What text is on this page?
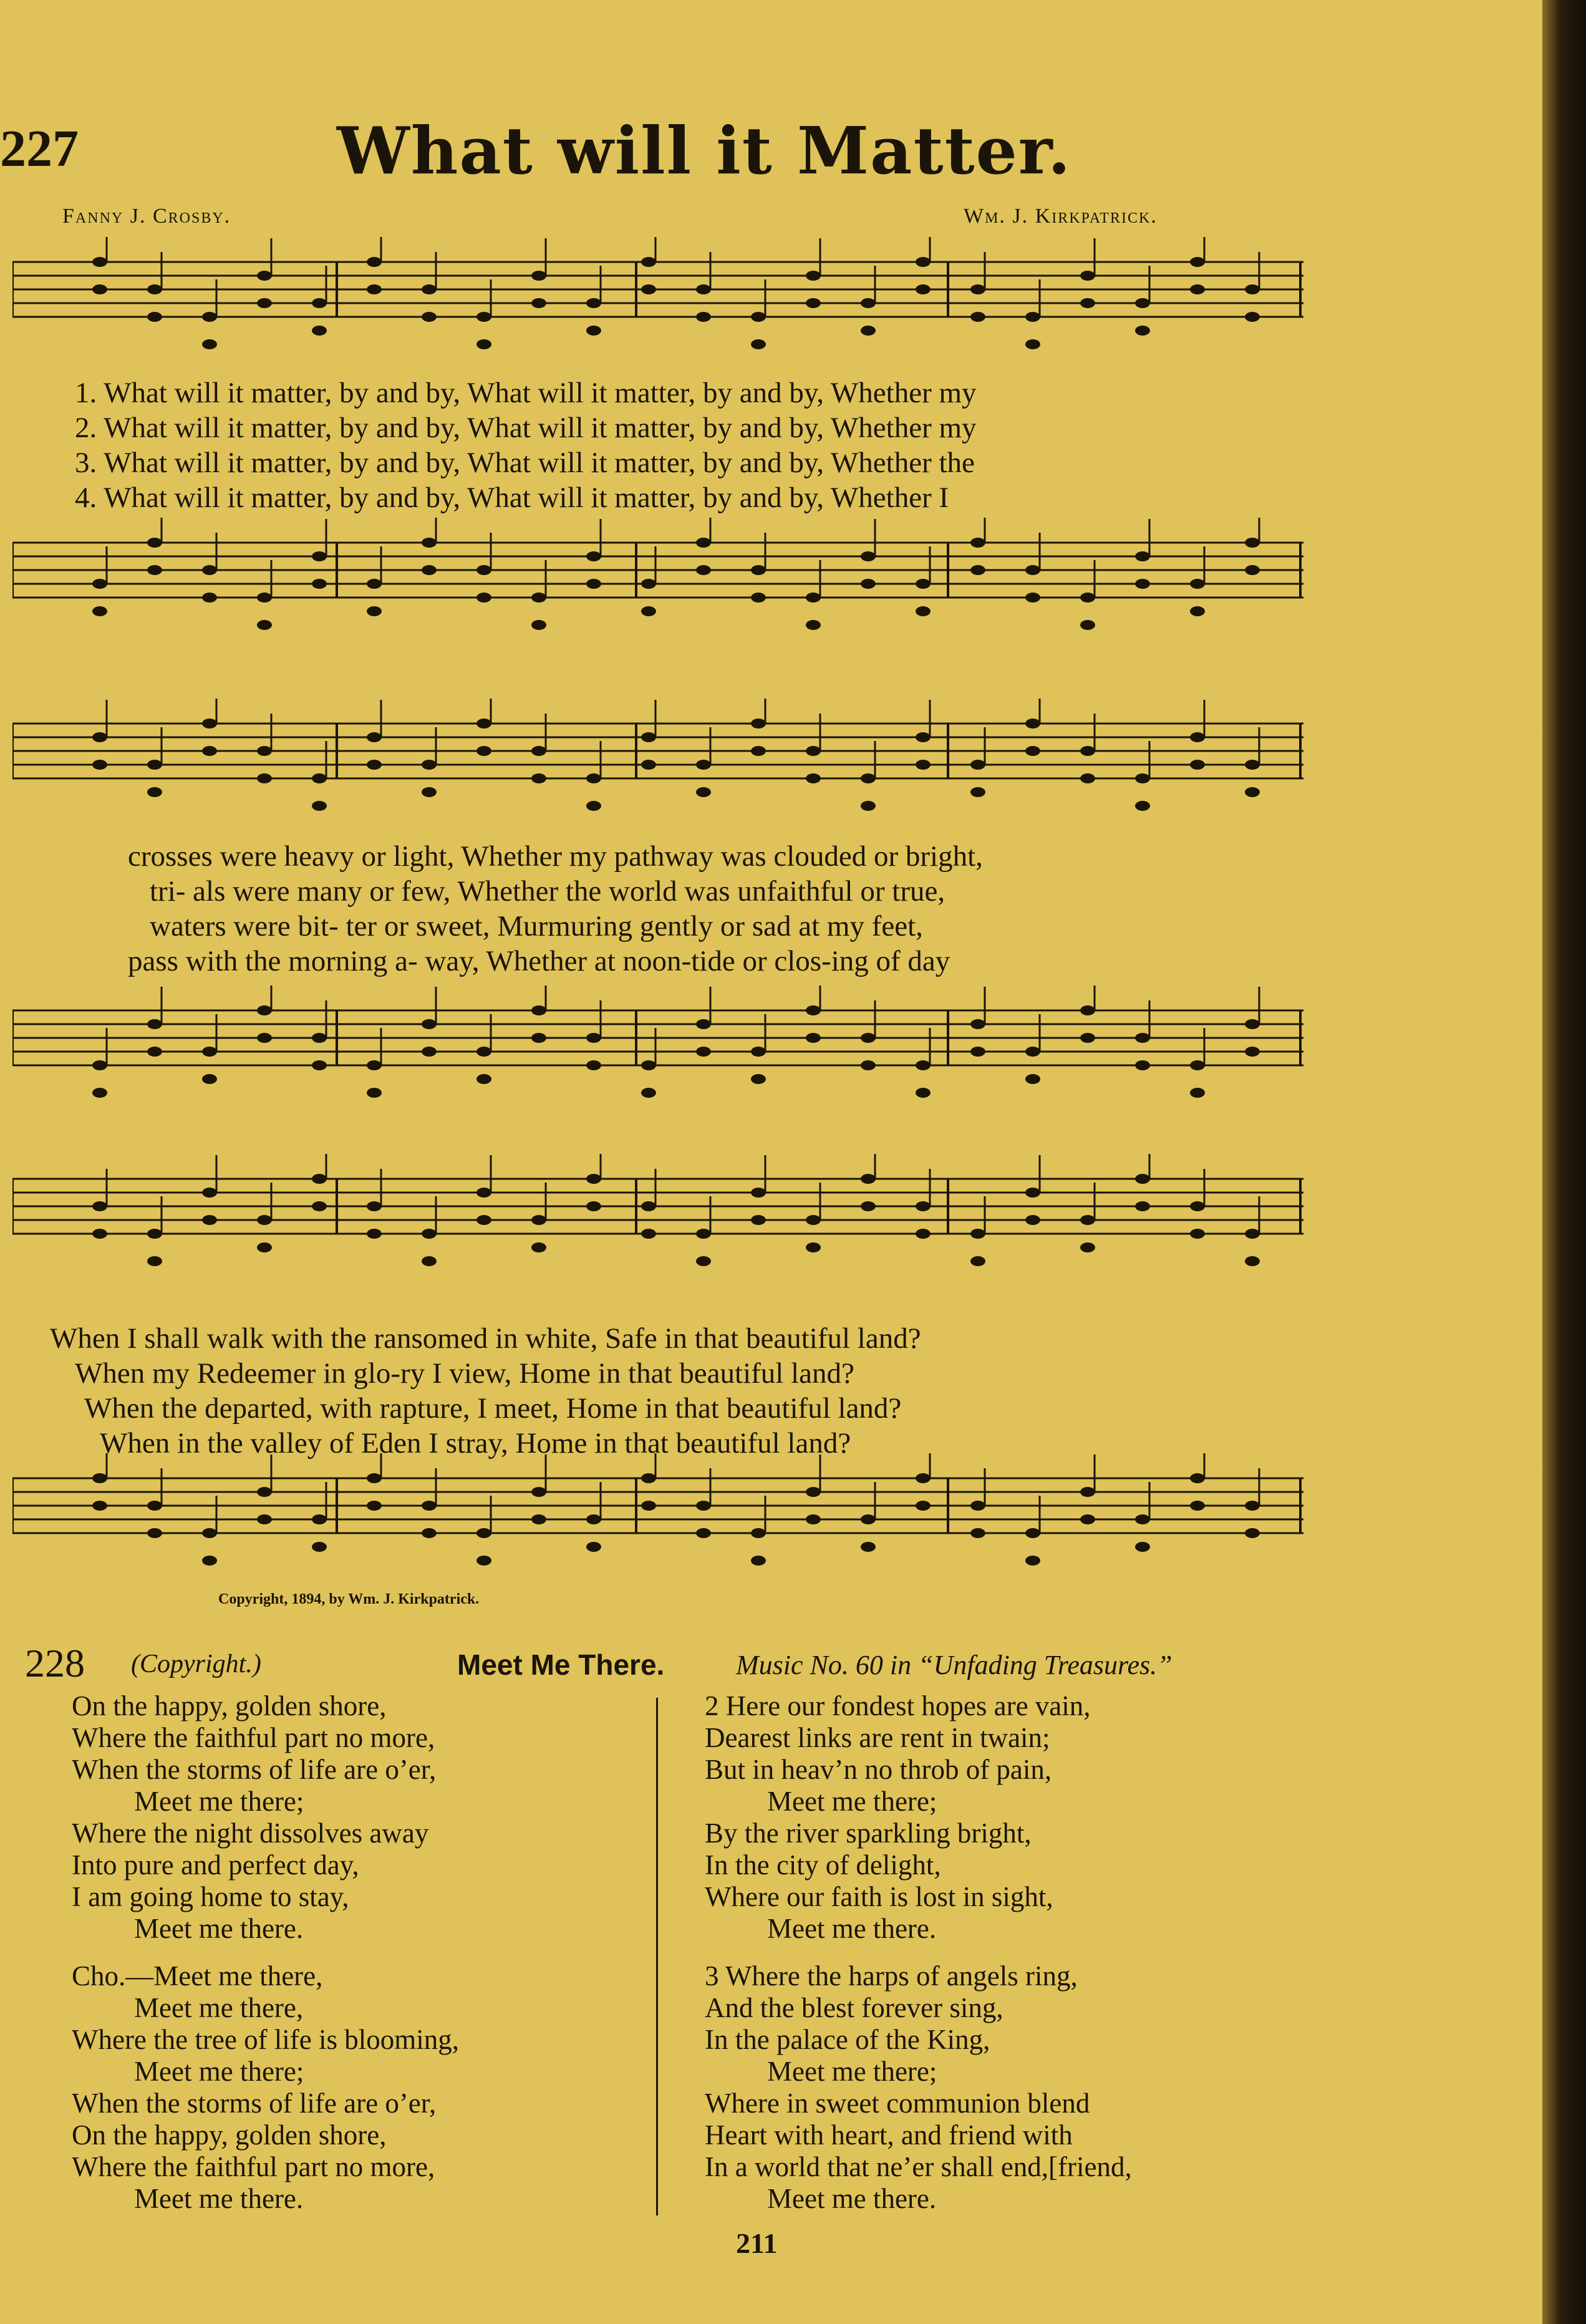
227	What will it Matter.
Fanny J. Crosby.	Wm. J. Kirkpatrick.
1. What will it matter, by and by, What will it matter, by and by, Whether my
2. What will it matter, by and by, What will it matter, by and by, Whether my
3. What will it matter, by and by, What will it matter, by and by, Whether the
4. What will it matter, by and by, What will it matter, by and by, Whether I
crosses were heavy or light, Whether my pathway was clouded or bright,
tri- als were many or few, Whether the world was unfaithful or true,
waters were bit- ter or sweet, Murmuring gently or sad at my feet,
pass with the morning a- way, Whether at noon-tide or clos-ing of day
When I shall walk with the ransomed in white, Safe in that beautiful land?
When my Redeemer in glo-ry I view, Home in that beautiful land?
When the departed, with rapture, I meet, Home in that beautiful land?
When in the valley of Eden I stray, Home in that beautiful land?
Copyright, 1894, by Wm. J. Kirkpatrick.
228 (Copyright.)	Meet Me There.	Music No. 60 in “Unfading Treasures.”
On the happy, golden shore,
Where the faithful part no more,
When the storms of life are o’er,
Meet me there;
Where the night dissolves away
Into pure and perfect day,
I am going home to stay,
Meet me there.

Cho.—Meet me there,
Meet me there,
Where the tree of life is blooming,
Meet me there;
When the storms of life are o’er,
On the happy, golden shore,
Where the faithful part no more,
Meet me there.
2 Here our fondest hopes are vain,
Dearest links are rent in twain;
But in heav’n no throb of pain,
Meet me there;
By the river sparkling bright,
In the city of delight,
Where our faith is lost in sight,
Meet me there.

3 Where the harps of angels ring,
And the blest forever sing,
In the palace of the King,
Meet me there;
Where in sweet communion blend
Heart with heart, and friend with
In a world that ne’er shall end,[friend,
Meet me there.
211
